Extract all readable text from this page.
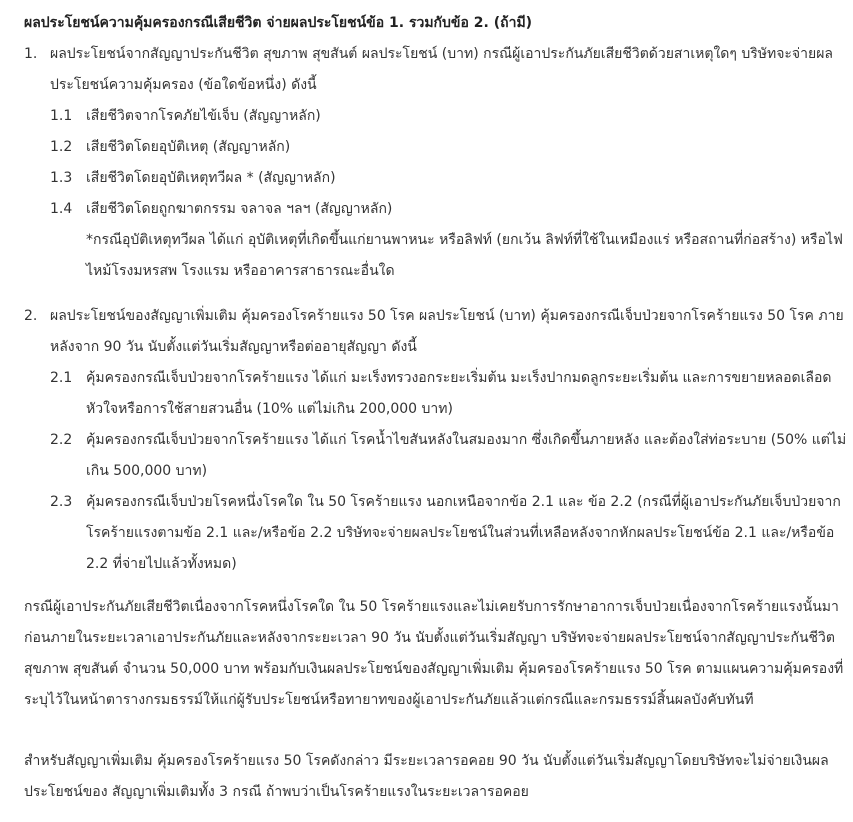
ผลประโยชน์ความคุ้มครองกรณีเสียชีวิต จ่ายผลประโยชน์ข้อ 1. รวมกับข้อ 2. (ถ้ามี)
1. ผลประโยชน์จากสัญญาประกันชีวิต สุขภาพ สุขสันต์ ผลประโยชน์ (บาท) กรณีผู้เอาประกันภัยเสียชีวิตด้วยสาเหตุใดๆ บริษัทจะจ่ายผลประโยชน์ความคุ้มครอง (ข้อใดข้อหนึ่ง) ดังนี้
1.1 เสียชีวิตจากโรคภัยไข้เจ็บ (สัญญาหลัก)
1.2 เสียชีวิตโดยอุบัติเหตุ (สัญญาหลัก)
1.3 เสียชีวิตโดยอุบัติเหตุทวีผล * (สัญญาหลัก)
1.4 เสียชีวิตโดยถูกฆาตกรรม จลาจล ฯลฯ (สัญญาหลัก)
*กรณีอุบัติเหตุทวีผล ได้แก่ อุบัติเหตุที่เกิดขึ้นแก่ยานพาหนะ หรือลิฟท์ (ยกเว้น ลิฟท์ที่ใช้ในเหมืองแร่ หรือสถานที่ก่อสร้าง) หรือไฟไหม้โรงมหรสพ โรงแรม หรืออาคารสาธารณะอื่นใด
2. ผลประโยชน์ของสัญญาเพิ่มเติม คุ้มครองโรคร้ายแรง 50 โรค ผลประโยชน์ (บาท) คุ้มครองกรณีเจ็บป่วยจากโรคร้ายแรง 50 โรค ภายหลังจาก 90 วัน นับตั้งแต่วันเริ่มสัญญาหรือต่ออายุสัญญา ดังนี้
2.1 คุ้มครองกรณีเจ็บป่วยจากโรคร้ายแรง ได้แก่ มะเร็งทรวงอกระยะเริ่มต้น มะเร็งปากมดลูกระยะเริ่มต้น และการขยายหลอดเลือดหัวใจหรือการใช้สายสวนอื่น (10% แต่ไม่เกิน 200,000 บาท)
2.2 คุ้มครองกรณีเจ็บป่วยจากโรคร้ายแรง ได้แก่ โรคน้ำไขสันหลังในสมองมาก ซึ่งเกิดขึ้นภายหลัง และต้องใส่ท่อระบาย (50% แต่ไม่เกิน 500,000 บาท)
2.3 คุ้มครองกรณีเจ็บป่วยโรคหนึ่งโรคใด ใน 50 โรคร้ายแรง นอกเหนือจากข้อ 2.1 และ ข้อ 2.2 (กรณีที่ผู้เอาประกันภัยเจ็บป่วยจากโรคร้ายแรงตามข้อ 2.1 และ/หรือข้อ 2.2 บริษัทจะจ่ายผลประโยชน์ในส่วนที่เหลือหลังจากหักผลประโยชน์ข้อ 2.1 และ/หรือข้อ 2.2 ที่จ่ายไปแล้วทั้งหมด)
กรณีผู้เอาประกันภัยเสียชีวิตเนื่องจากโรคหนึ่งโรคใด ใน 50 โรคร้ายแรงและไม่เคยรับการรักษาอาการเจ็บป่วยเนื่องจากโรคร้ายแรงนั้นมาก่อนภายในระยะเวลาเอาประกันภัยและหลังจากระยะเวลา 90 วัน นับตั้งแต่วันเริ่มสัญญา บริษัทจะจ่ายผลประโยชน์จากสัญญาประกันชีวิต สุขภาพ สุขสันต์ จำนวน 50,000 บาท พร้อมกับเงินผลประโยชน์ของสัญญาเพิ่มเติม คุ้มครองโรคร้ายแรง 50 โรค ตามแผนความคุ้มครองที่ระบุไว้ในหน้าตารางกรมธรรม์ให้แก่ผู้รับประโยชน์หรือทายาทของผู้เอาประกันภัยแล้วแต่กรณีและกรมธรรม์สิ้นผลบังคับทันที
สำหรับสัญญาเพิ่มเติม คุ้มครองโรคร้ายแรง 50 โรคดังกล่าว มีระยะเวลารอคอย 90 วัน นับตั้งแต่วันเริ่มสัญญาโดยบริษัทจะไม่จ่ายเงินผลประโยชน์ของ สัญญาเพิ่มเติมทั้ง 3 กรณี ถ้าพบว่าเป็นโรคร้ายแรงในระยะเวลารอคอย
